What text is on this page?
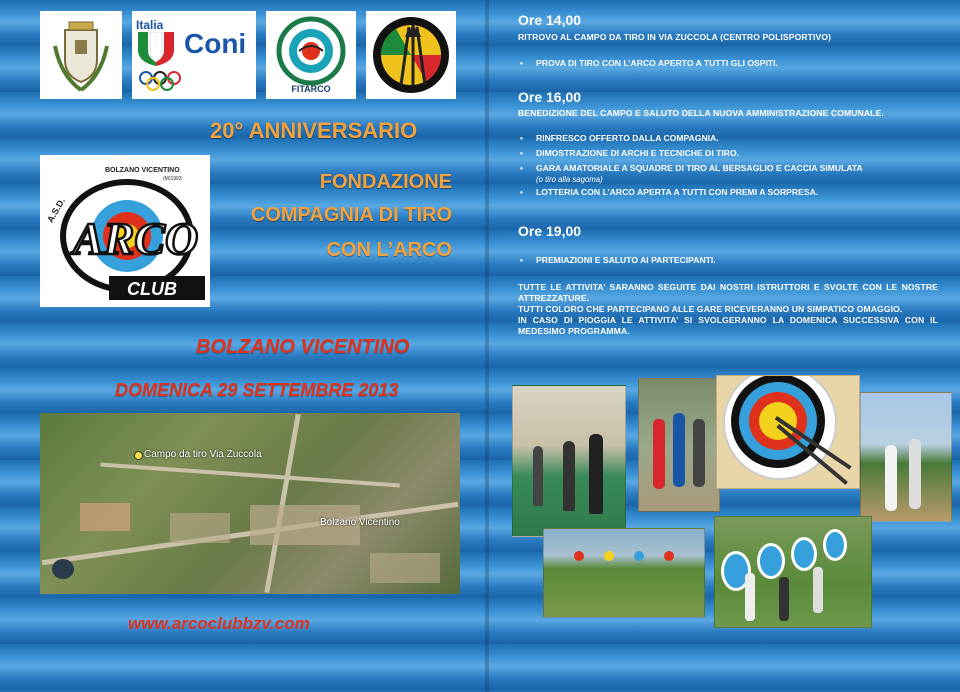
Italia
Coni
FITARCO
20° ANNIVERSARIO
BOLZANO VICENTINO
A.S.D.
(M)1993
ARCO
CLUB
FONDAZIONE
COMPAGNIA DI TIRO
CON L’ARCO
BOLZANO VICENTINO
DOMENICA 29 SETTEMBRE 2013
Campo da tiro Via Zuccola
Bolzano Vicentino
www.arcoclubbzv.com
Ore 14,00
RITROVO AL CAMPO DA TIRO IN VIA ZUCCOLA (CENTRO POLISPORTIVO)
• PROVA DI TIRO CON L’ARCO APERTO A TUTTI GLI OSPITI.
Ore 16,00
BENEDIZIONE DEL CAMPO E SALUTO DELLA NUOVA AMMINISTRAZIONE COMUNALE.
• RINFRESCO OFFERTO DALLA COMPAGNIA.
• DIMOSTRAZIONE DI ARCHI E TECNICHE DI TIRO.
• GARA AMATORIALE A SQUADRE DI TIRO AL BERSAGLIO E CACCIA SIMULATA
(o tiro alla sagoma)
• LOTTERIA CON L’ARCO APERTA A TUTTI CON PREMI A SORPRESA.
Ore 19,00
• PREMIAZIONI E SALUTO AI PARTECIPANTI.
TUTTE LE ATTIVITA’ SARANNO SEGUITE DAI NOSTRI ISTRUTTORI E SVOLTE CON LE NOSTRE ATTREZZATURE.
TUTTI COLORO CHE PARTECIPANO ALLE GARE RICEVERANNO UN SIMPATICO OMAGGIO.
IN CASO DI PIOGGIA LE ATTIVITA’ SI SVOLGERANNO LA DOMENICA SUCCESSIVA CON IL MEDESIMO PROGRAMMA.
